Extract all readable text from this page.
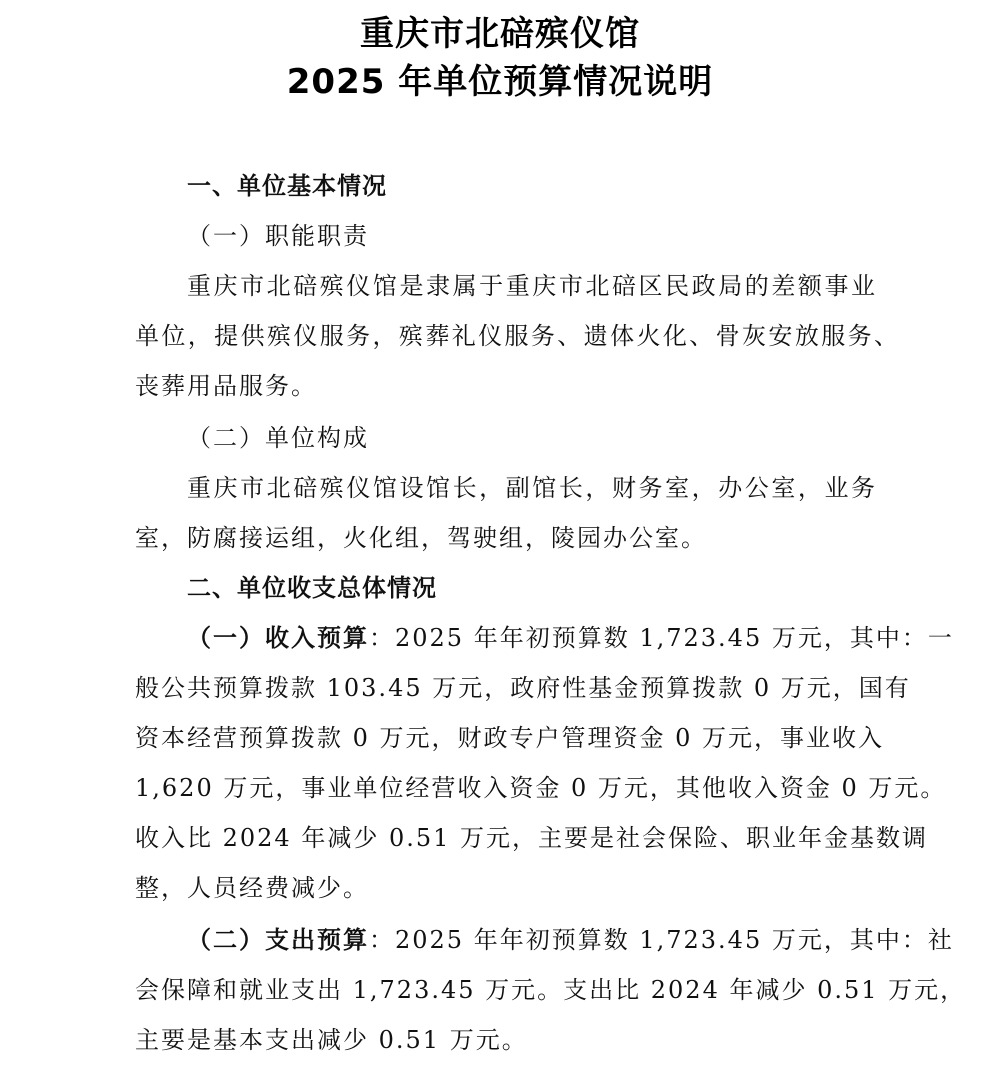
重庆市北碚殡仪馆
2025 年单位预算情况说明
一、单位基本情况
（一）职能职责
重庆市北碚殡仪馆是隶属于重庆市北碚区民政局的差额事业
单位，提供殡仪服务，殡葬礼仪服务、遗体火化、骨灰安放服务、
丧葬用品服务。
（二）单位构成
重庆市北碚殡仪馆设馆长，副馆长，财务室，办公室，业务
室，防腐接运组，火化组，驾驶组，陵园办公室。
二、单位收支总体情况
（一）收入预算：2025 年年初预算数 1,723.45 万元，其中：一
般公共预算拨款 103.45 万元，政府性基金预算拨款 0 万元，国有
资本经营预算拨款 0 万元，财政专户管理资金 0 万元，事业收入
1,620 万元，事业单位经营收入资金 0 万元，其他收入资金 0 万元。
收入比 2024 年减少 0.51 万元，主要是社会保险、职业年金基数调
整，人员经费减少。
（二）支出预算：2025 年年初预算数 1,723.45 万元，其中：社
会保障和就业支出 1,723.45 万元。支出比 2024 年减少 0.51 万元，
主要是基本支出减少 0.51 万元。
